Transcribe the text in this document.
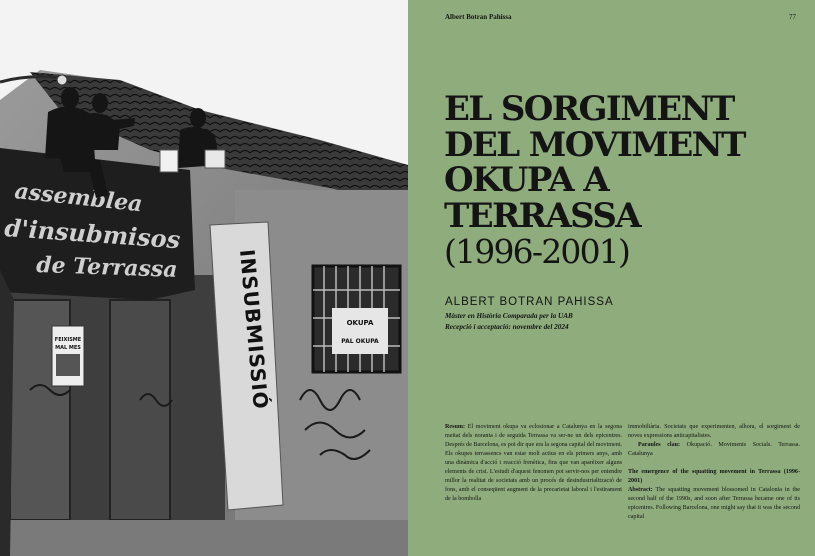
OKUPA
PAL OKUPA
FEIXISME
MAL MES	INSUBMISSIÓ
assemblea
d'insubmisos
de Terrassa
Albert Botran Pahissa	77
EL SORGIMENT
DEL MOVIMENT
OKUPA A
TERRASSA
(1996-2001)
ALBERT BOTRAN PAHISSA
Màster en Història Comparada per la UAB
Recepció i acceptació: novembre del 2024

Resum: El moviment okupa va eclosionar a Catalunya en la segona meitat dels noranta i de seguida Terrassa va ser-ne un dels epicentres. Després de Barcelona, es pot dir que era la segona capital del moviment. Els okupes terrassencs van estar molt actius en els primers anys, amb una dinàmica d'acció i reacció frenètica, fins que van aparèixer alguns elements de crisi. L'estudi d'aquest fenomen pot servir-nos per entendre millor la realitat de societats amb un procés de desindustrialització de fons, amb el conseqüent augment de la precarietat laboral i l'estirament de la bombolla

immobiliària. Societats que experimenten, alhora, el sorgiment de noves expressions anticapitalistes.

Paraules clau: Okupació. Moviments Socials. Terrassa. Catalunya

The emergence of the squatting movement in Terrassa (1996-2001)

Abstract: The squatting movement blossomed in Catalonia in the second half of the 1990s, and soon after Terrassa became one of its epicentres. Following Barcelona, one might say that it was the second capital
